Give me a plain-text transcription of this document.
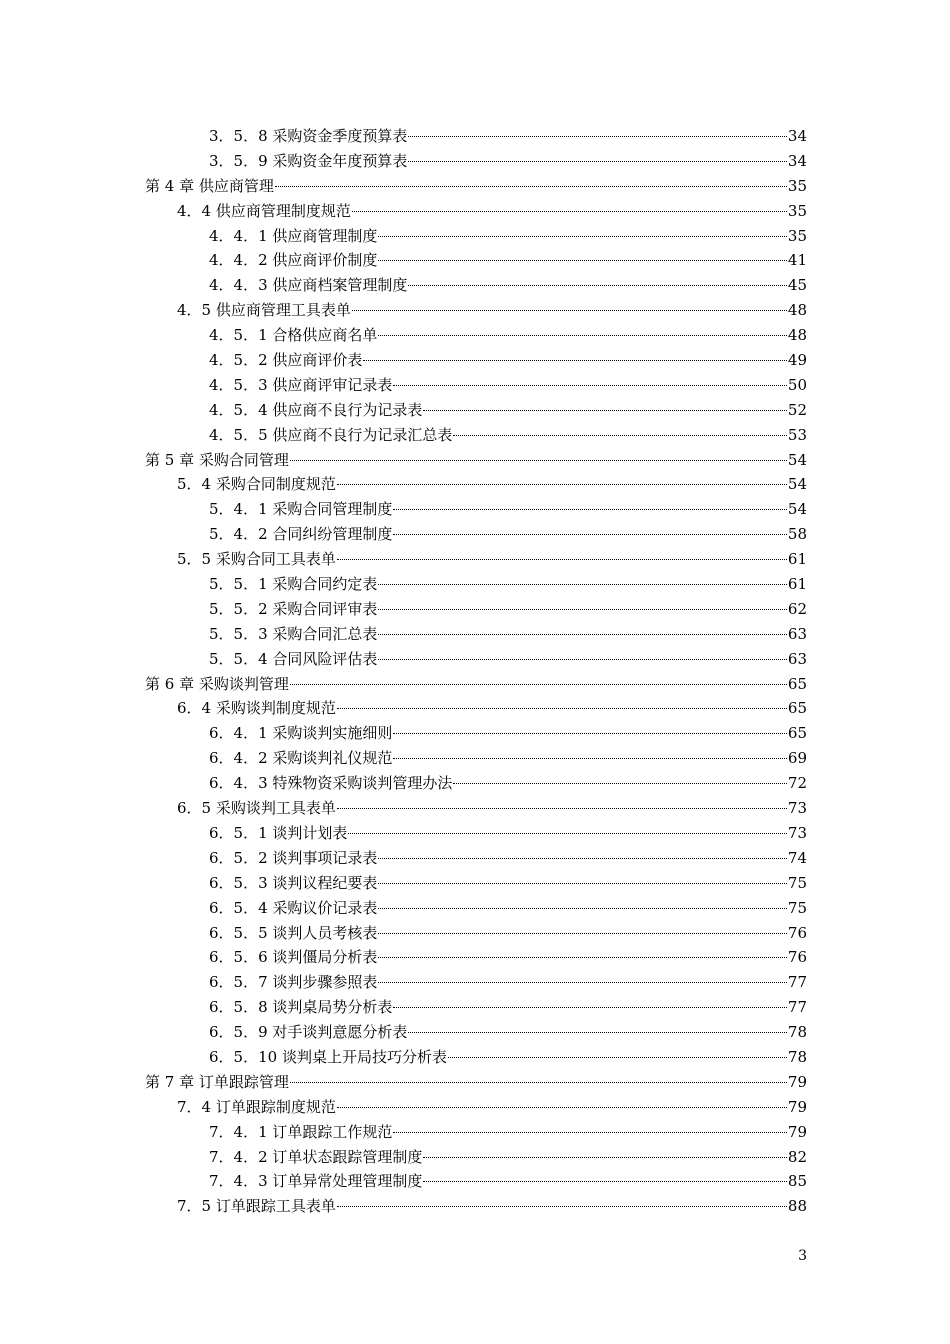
3．5．8 采购资金季度预算表	34
3．5．9 采购资金年度预算表	34
第 4 章 供应商管理	35
4．4 供应商管理制度规范	35
4．4．1 供应商管理制度	35
4．4．2 供应商评价制度	41
4．4．3 供应商档案管理制度	45
4．5 供应商管理工具表单	48
4．5．1 合格供应商名单	48
4．5．2 供应商评价表	49
4．5．3 供应商评审记录表	50
4．5．4 供应商不良行为记录表	52
4．5．5 供应商不良行为记录汇总表	53
第 5 章 采购合同管理	54
5．4 采购合同制度规范	54
5．4．1 采购合同管理制度	54
5．4．2 合同纠纷管理制度	58
5．5 采购合同工具表单	61
5．5．1 采购合同约定表	61
5．5．2 采购合同评审表	62
5．5．3 采购合同汇总表	63
5．5．4 合同风险评估表	63
第 6 章 采购谈判管理	65
6．4 采购谈判制度规范	65
6．4．1 采购谈判实施细则	65
6．4．2 采购谈判礼仪规范	69
6．4．3 特殊物资采购谈判管理办法	72
6．5 采购谈判工具表单	73
6．5．1 谈判计划表	73
6．5．2 谈判事项记录表	74
6．5．3 谈判议程纪要表	75
6．5．4 采购议价记录表	75
6．5．5 谈判人员考核表	76
6．5．6 谈判僵局分析表	76
6．5．7 谈判步骤参照表	77
6．5．8 谈判桌局势分析表	77
6．5．9 对手谈判意愿分析表	78
6．5．10 谈判桌上开局技巧分析表	78
第 7 章 订单跟踪管理	79
7．4 订单跟踪制度规范	79
7．4．1 订单跟踪工作规范	79
7．4．2 订单状态跟踪管理制度	82
7．4．3 订单异常处理管理制度	85
7．5 订单跟踪工具表单	88
3
